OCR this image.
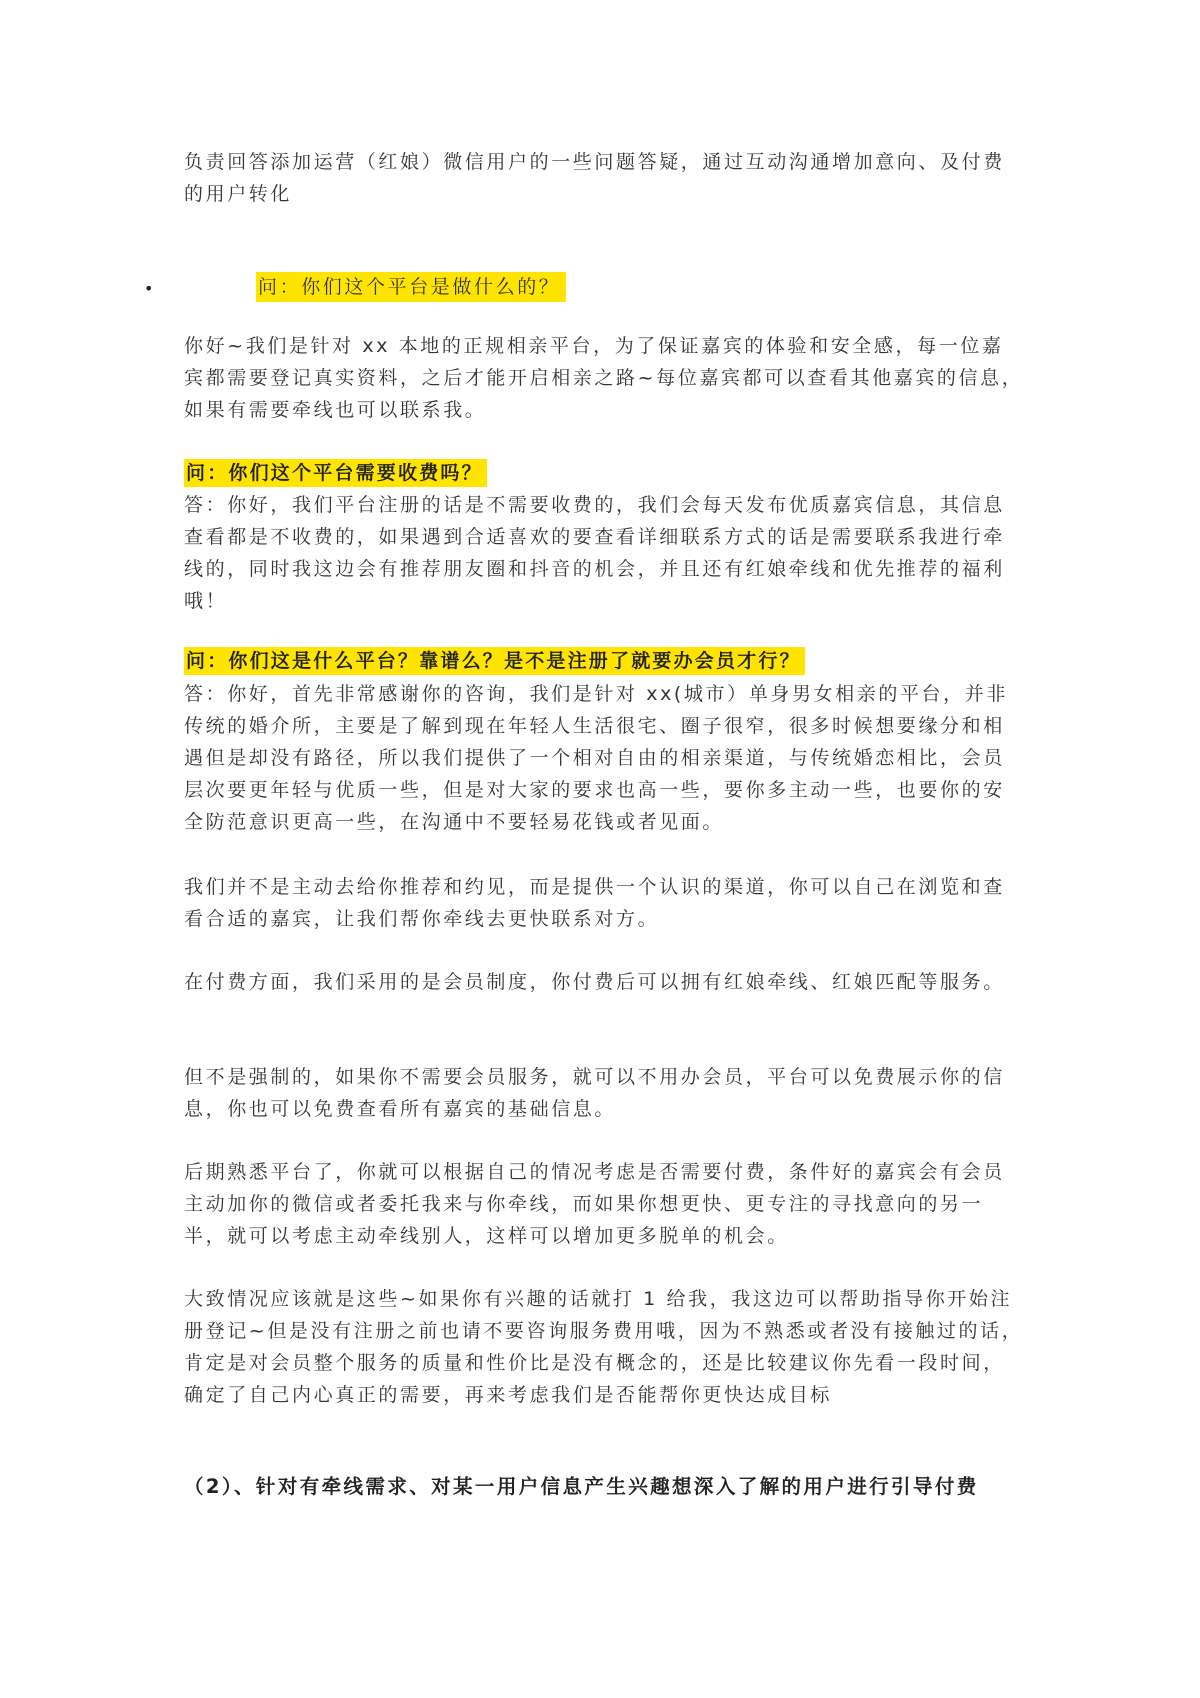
负责回答添加运营（红娘）微信用户的一些问题答疑，通过互动沟通增加意向、及付费的用户转化

•	问：你们这个平台是做什么的？

你好~我们是针对 xx 本地的正规相亲平台，为了保证嘉宾的体验和安全感，每一位嘉宾都需要登记真实资料，之后才能开启相亲之路~每位嘉宾都可以查看其他嘉宾的信息，如果有需要牵线也可以联系我。

问：你们这个平台需要收费吗？

答：你好，我们平台注册的话是不需要收费的，我们会每天发布优质嘉宾信息，其信息查看都是不收费的，如果遇到合适喜欢的要查看详细联系方式的话是需要联系我进行牵线的，同时我这边会有推荐朋友圈和抖音的机会，并且还有红娘牵线和优先推荐的福利哦！

问：你们这是什么平台？靠谱么？是不是注册了就要办会员才行？

答：你好，首先非常感谢你的咨询，我们是针对 xx(城市）单身男女相亲的平台，并非传统的婚介所，主要是了解到现在年轻人生活很宅、圈子很窄，很多时候想要缘分和相遇但是却没有路径，所以我们提供了一个相对自由的相亲渠道，与传统婚恋相比，会员层次要更年轻与优质一些，但是对大家的要求也高一些，要你多主动一些，也要你的安全防范意识更高一些，在沟通中不要轻易花钱或者见面。

我们并不是主动去给你推荐和约见，而是提供一个认识的渠道，你可以自己在浏览和查看合适的嘉宾，让我们帮你牵线去更快联系对方。

在付费方面，我们采用的是会员制度，你付费后可以拥有红娘牵线、红娘匹配等服务。

但不是强制的，如果你不需要会员服务，就可以不用办会员，平台可以免费展示你的信息，你也可以免费查看所有嘉宾的基础信息。

后期熟悉平台了，你就可以根据自己的情况考虑是否需要付费，条件好的嘉宾会有会员主动加你的微信或者委托我来与你牵线，而如果你想更快、更专注的寻找意向的另一半，就可以考虑主动牵线别人，这样可以增加更多脱单的机会。

大致情况应该就是这些~如果你有兴趣的话就打 1 给我，我这边可以帮助指导你开始注册登记~但是没有注册之前也请不要咨询服务费用哦，因为不熟悉或者没有接触过的话，肯定是对会员整个服务的质量和性价比是没有概念的，还是比较建议你先看一段时间，确定了自己内心真正的需要，再来考虑我们是否能帮你更快达成目标

（2）、针对有牵线需求、对某一用户信息产生兴趣想深入了解的用户进行引导付费
